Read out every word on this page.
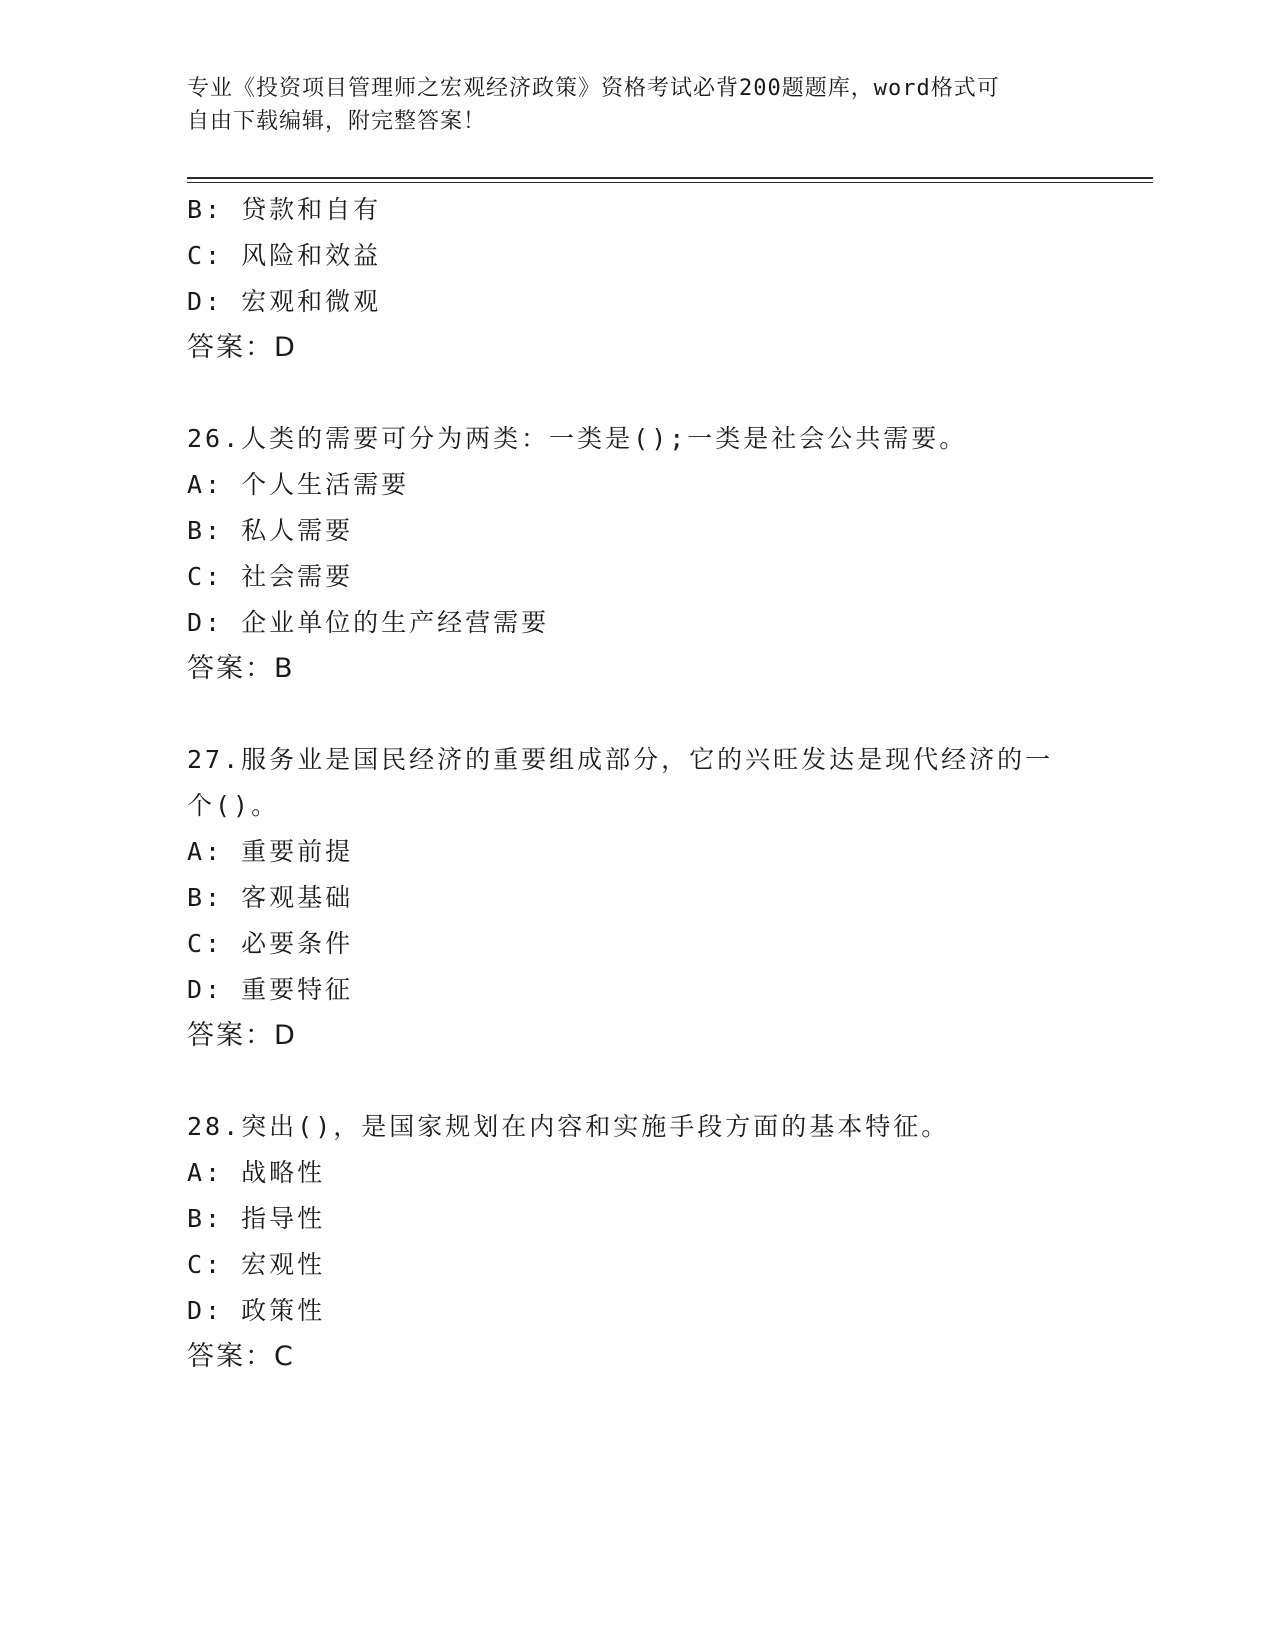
专业《投资项目管理师之宏观经济政策》资格考试必背200题题库，word格式可
自由下载编辑，附完整答案！
B: 贷款和自有
C: 风险和效益
D: 宏观和微观
答案：D
26.人类的需要可分为两类：一类是();一类是社会公共需要。
A: 个人生活需要
B: 私人需要
C: 社会需要
D: 企业单位的生产经营需要
答案：B
27.服务业是国民经济的重要组成部分，它的兴旺发达是现代经济的一
个()。
A: 重要前提
B: 客观基础
C: 必要条件
D: 重要特征
答案：D
28.突出()，是国家规划在内容和实施手段方面的基本特征。
A: 战略性
B: 指导性
C: 宏观性
D: 政策性
答案：C
